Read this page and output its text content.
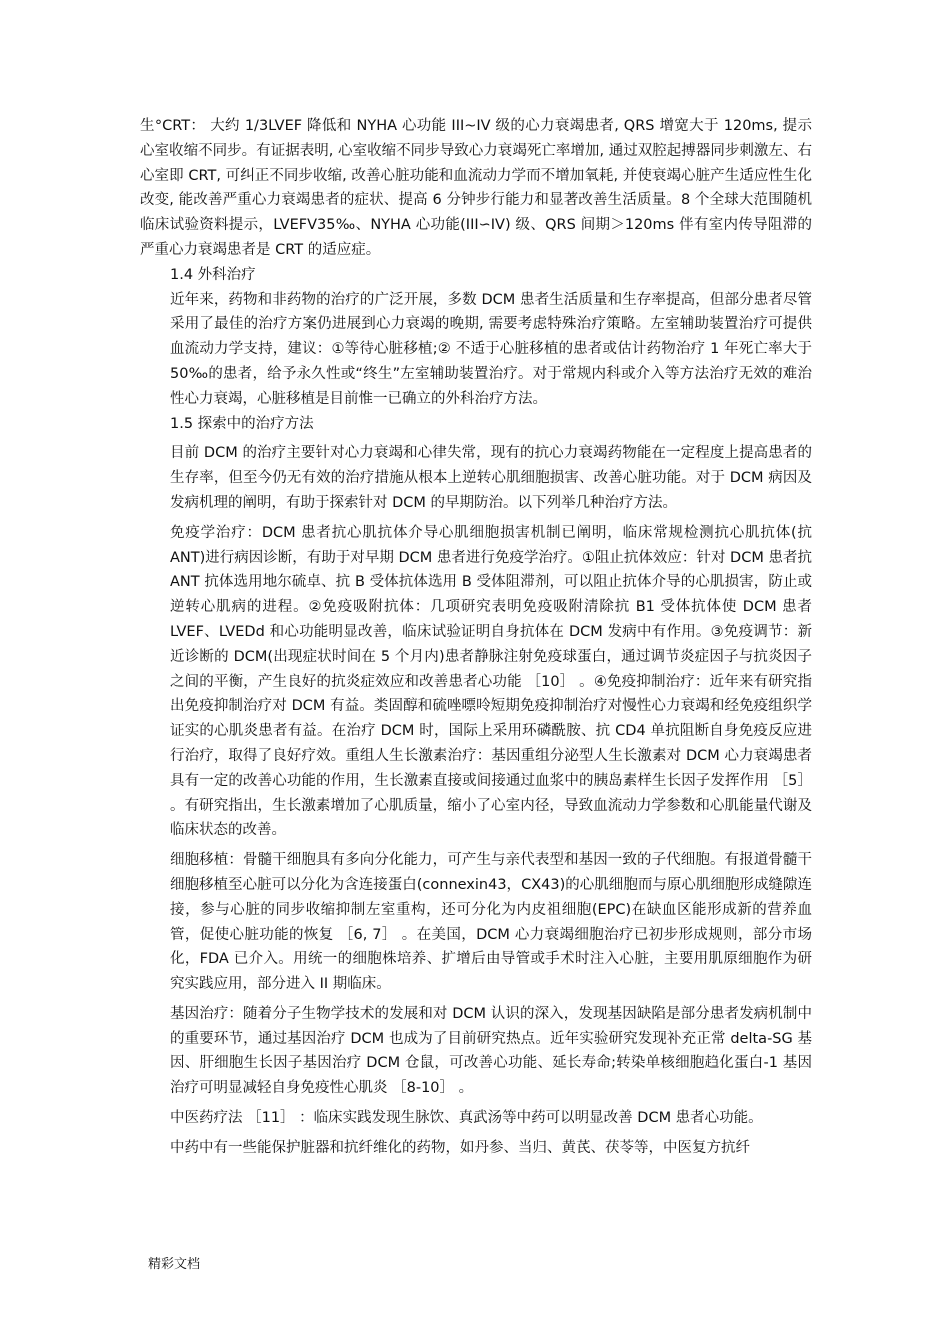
生°CRT： 大约 1/3LVEF 降低和 NYHA 心功能 III~IV 级的心力衰竭患者, QRS 增宽大于 120ms, 提示心室收缩不同步。有证据表明, 心室收缩不同步导致心力衰竭死亡率增加, 通过双腔起搏器同步刺激左、右心室即 CRT, 可纠正不同步收缩, 改善心脏功能和血流动力学而不增加氧耗, 并使衰竭心脏产生适应性生化改变, 能改善严重心力衰竭患者的症状、提高 6 分钟步行能力和显著改善生活质量。8 个全球大范围随机临床试验资料提示，LVEFV35‰、NYHA 心功能(III∽IV) 级、QRS 间期＞120ms 伴有室内传导阻滞的严重心力衰竭患者是 CRT 的适应症。

1.4 外科治疗

近年来，药物和非药物的治疗的广泛开展，多数 DCM 患者生活质量和生存率提高，但部分患者尽管采用了最佳的治疗方案仍进展到心力衰竭的晚期, 需要考虑特殊治疗策略。左室辅助装置治疗可提供血流动力学支持，建议：①等待心脏移植;② 不适于心脏移植的患者或估计药物治疗 1 年死亡率大于 50‰的患者，给予永久性或“终生”左室辅助装置治疗。对于常规内科或介入等方法治疗无效的难治性心力衰竭，心脏移植是目前惟一已确立的外科治疗方法。

1.5 探索中的治疗方法

目前 DCM 的治疗主要针对心力衰竭和心律失常，现有的抗心力衰竭药物能在一定程度上提高患者的生存率，但至今仍无有效的治疗措施从根本上逆转心肌细胞损害、改善心脏功能。对于 DCM 病因及发病机理的阐明，有助于探索针对 DCM 的早期防治。以下列举几种治疗方法。

免疫学治疗：DCM 患者抗心肌抗体介导心肌细胞损害机制已阐明，临床常规检测抗心肌抗体(抗 ANT)进行病因诊断，有助于对早期 DCM 患者进行免疫学治疗。①阻止抗体效应：针对 DCM 患者抗 ANT 抗体选用地尔硫卓、抗 B 受体抗体选用 B 受体阻滞剂，可以阻止抗体介导的心肌损害，防止或逆转心肌病的进程。②免疫吸附抗体：几项研究表明免疫吸附清除抗 B1 受体抗体使 DCM 患者 LVEF、LVEDd 和心功能明显改善，临床试验证明自身抗体在 DCM 发病中有作用。③免疫调节：新近诊断的 DCM(出现症状时间在 5 个月内)患者静脉注射免疫球蛋白，通过调节炎症因子与抗炎因子之间的平衡，产生良好的抗炎症效应和改善患者心功能 ［10］ 。④免疫抑制治疗：近年来有研究指出免疫抑制治疗对 DCM 有益。类固醇和硫唑嘌呤短期免疫抑制治疗对慢性心力衰竭和经免疫组织学证实的心肌炎患者有益。在治疗 DCM 时，国际上采用环磷酰胺、抗 CD4 单抗阻断自身免疫反应进行治疗，取得了良好疗效。重组人生长激素治疗：基因重组分泌型人生长激素对 DCM 心力衰竭患者具有一定的改善心功能的作用，生长激素直接或间接通过血浆中的胰岛素样生长因子发挥作用 ［5］ 。有研究指出，生长激素增加了心肌质量，缩小了心室内径，导致血流动力学参数和心肌能量代谢及临床状态的改善。

细胞移植：骨髓干细胞具有多向分化能力，可产生与亲代表型和基因一致的子代细胞。有报道骨髓干细胞移植至心脏可以分化为含连接蛋白(connexin43，CX43)的心肌细胞而与原心肌细胞形成缝隙连接，参与心脏的同步收缩抑制左室重构，还可分化为内皮祖细胞(EPC)在缺血区能形成新的营养血管，促使心脏功能的恢复 ［6, 7］ 。在美国，DCM 心力衰竭细胞治疗已初步形成规则，部分市场化，FDA 已介入。用统一的细胞株培养、扩增后由导管或手术时注入心脏，主要用肌原细胞作为研究实践应用，部分进入 II 期临床。

基因治疗：随着分子生物学技术的发展和对 DCM 认识的深入，发现基因缺陷是部分患者发病机制中的重要环节，通过基因治疗 DCM 也成为了目前研究热点。近年实验研究发现补充正常 delta-SG 基因、肝细胞生长因子基因治疗 DCM 仓鼠，可改善心功能、延长寿命;转染单核细胞趋化蛋白-1 基因治疗可明显减轻自身免疫性心肌炎 ［8-10］ 。

中医药疗法 ［11］ ：临床实践发现生脉饮、真武汤等中药可以明显改善 DCM 患者心功能。

中药中有一些能保护脏器和抗纤维化的药物，如丹参、当归、黄芪、茯苓等，中医复方抗纤

精彩文档
